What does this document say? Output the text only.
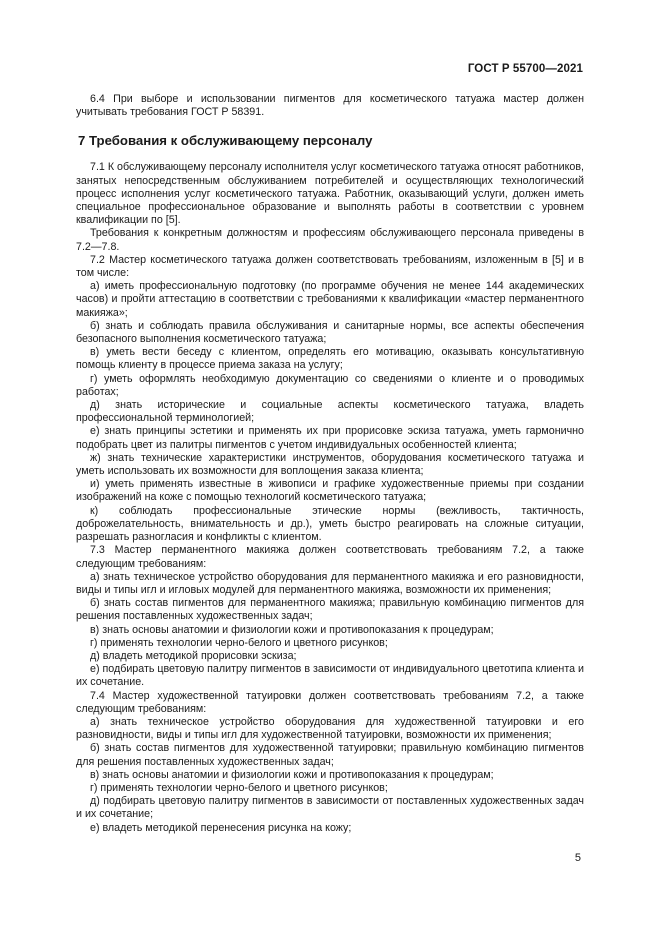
ГОСТ Р 55700—2021

6.4 При выборе и использовании пигментов для косметического татуажа мастер должен учитывать требования ГОСТ Р 58391.

7 Требования к обслуживающему персоналу

7.1 К обслуживающему персоналу исполнителя услуг косметического татуажа относят работников, занятых непосредственным обслуживанием потребителей и осуществляющих технологический процесс исполнения услуг косметического татуажа. Работник, оказывающий услуги, должен иметь специальное профессиональное образование и выполнять работы в соответствии с уровнем квалификации по [5].

Требования к конкретным должностям и профессиям обслуживающего персонала приведены в 7.2—7.8.

7.2 Мастер косметического татуажа должен соответствовать требованиям, изложенным в [5] и в том числе:

а) иметь профессиональную подготовку (по программе обучения не менее 144 академических часов) и пройти аттестацию в соответствии с требованиями к квалификации «мастер перманентного макияжа»;

б) знать и соблюдать правила обслуживания и санитарные нормы, все аспекты обеспечения безопасного выполнения косметического татуажа;

в) уметь вести беседу с клиентом, определять его мотивацию, оказывать консультативную помощь клиенту в процессе приема заказа на услугу;

г) уметь оформлять необходимую документацию со сведениями о клиенте и о проводимых работах;

д) знать исторические и социальные аспекты косметического татуажа, владеть профессиональной терминологией;

е) знать принципы эстетики и применять их при прорисовке эскиза татуажа, уметь гармонично подобрать цвет из палитры пигментов с учетом индивидуальных особенностей клиента;

ж) знать технические характеристики инструментов, оборудования косметического татуажа и уметь использовать их возможности для воплощения заказа клиента;

и) уметь применять известные в живописи и графике художественные приемы при создании изображений на коже с помощью технологий косметического татуажа;

к) соблюдать профессиональные этические нормы (вежливость, тактичность, доброжелательность, внимательность и др.), уметь быстро реагировать на сложные ситуации, разрешать разногласия и конфликты с клиентом.

7.3 Мастер перманентного макияжа должен соответствовать требованиям 7.2, а также следующим требованиям:

а) знать техническое устройство оборудования для перманентного макияжа и его разновидности, виды и типы игл и игловых модулей для перманентного макияжа, возможности их применения;

б) знать состав пигментов для перманентного макияжа; правильную комбинацию пигментов для решения поставленных художественных задач;

в) знать основы анатомии и физиологии кожи и противопоказания к процедурам;

г) применять технологии черно-белого и цветного рисунков;

д) владеть методикой прорисовки эскиза;

е) подбирать цветовую палитру пигментов в зависимости от индивидуального цветотипа клиента и их сочетание.

7.4 Мастер художественной татуировки должен соответствовать требованиям 7.2, а также следующим требованиям:

а) знать техническое устройство оборудования для художественной татуировки и его разновидности, виды и типы игл для художественной татуировки, возможности их применения;

б) знать состав пигментов для художественной татуировки; правильную комбинацию пигментов для решения поставленных художественных задач;

в) знать основы анатомии и физиологии кожи и противопоказания к процедурам;

г) применять технологии черно-белого и цветного рисунков;

д) подбирать цветовую палитру пигментов в зависимости от поставленных художественных задач и их сочетание;

е) владеть методикой перенесения рисунка на кожу;

5
